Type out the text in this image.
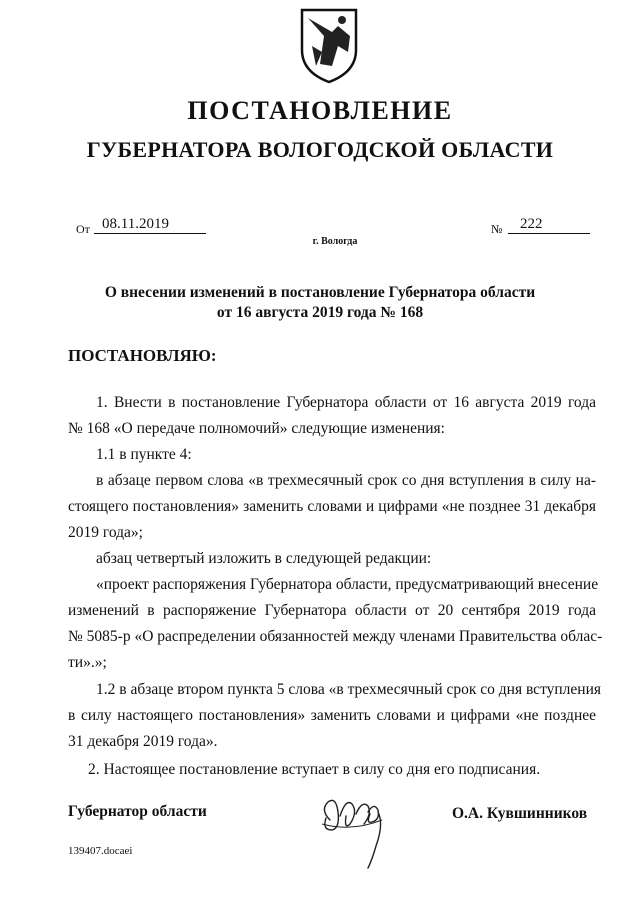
ПОСТАНОВЛЕНИЕ
ГУБЕРНАТОРА ВОЛОГОДСКОЙ ОБЛАСТИ
От 08.11.2019	№ 222
г. Вологда
О внесении изменений в постановление Губернатора области
от 16 августа 2019 года № 168
ПОСТАНОВЛЯЮ:
1. Внести в постановление Губернатора области от 16 августа 2019 года
№ 168 «О передаче полномочий» следующие изменения:
1.1 в пункте 4:
в абзаце первом слова «в трехмесячный срок со дня вступления в силу на-
стоящего постановления» заменить словами и цифрами «не позднее 31 декабря
2019 года»;
абзац четвертый изложить в следующей редакции:
«проект распоряжения Губернатора области, предусматривающий внесение
изменений в распоряжение Губернатора области от 20 сентября 2019 года
№ 5085-р «О распределении обязанностей между членами Правительства облас-
ти».»;
1.2 в абзаце втором пункта 5 слова «в трехмесячный срок со дня вступления
в силу настоящего постановления» заменить словами и цифрами «не позднее
31 декабря 2019 года».
2. Настоящее постановление вступает в силу со дня его подписания.
Губернатор области	О.А. Кувшинников
139407.docaei
